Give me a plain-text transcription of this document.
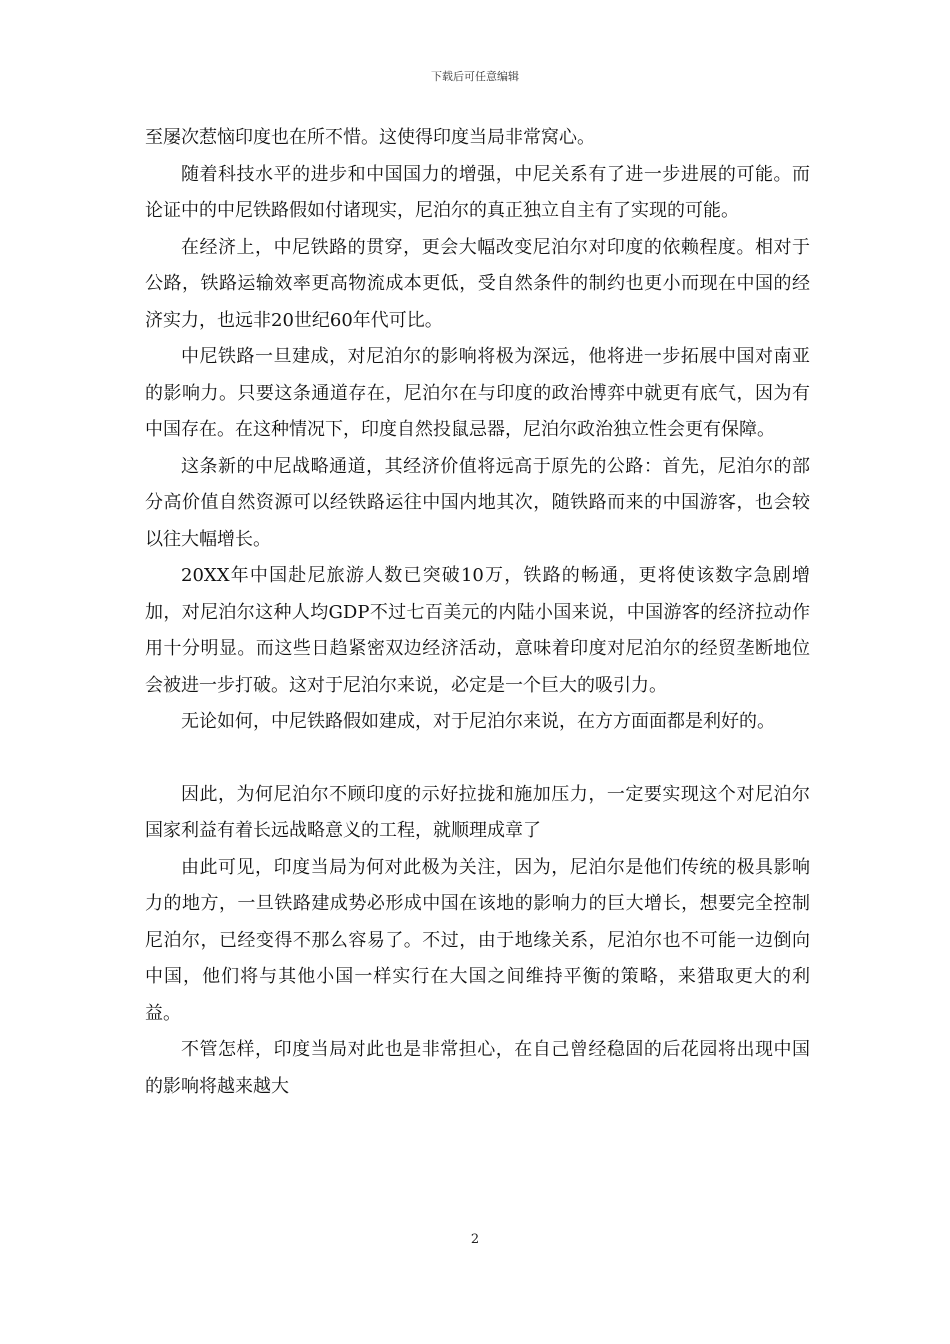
下载后可任意编辑

至屡次惹恼印度也在所不惜。这使得印度当局非常窝心。

随着科技水平的进步和中国国力的增强，中尼关系有了进一步进展的可能。而论证中的中尼铁路假如付诸现实，尼泊尔的真正独立自主有了实现的可能。

在经济上，中尼铁路的贯穿，更会大幅改变尼泊尔对印度的依赖程度。相对于公路，铁路运输效率更高物流成本更低，受自然条件的制约也更小而现在中国的经济实力，也远非20世纪60年代可比。

中尼铁路一旦建成，对尼泊尔的影响将极为深远，他将进一步拓展中国对南亚的影响力。只要这条通道存在，尼泊尔在与印度的政治博弈中就更有底气，因为有中国存在。在这种情况下，印度自然投鼠忌器，尼泊尔政治独立性会更有保障。

这条新的中尼战略通道，其经济价值将远高于原先的公路：首先，尼泊尔的部分高价值自然资源可以经铁路运往中国内地其次，随铁路而来的中国游客，也会较以往大幅增长。

20XX年中国赴尼旅游人数已突破10万，铁路的畅通，更将使该数字急剧增加，对尼泊尔这种人均GDP不过七百美元的内陆小国来说，中国游客的经济拉动作用十分明显。而这些日趋紧密双边经济活动，意味着印度对尼泊尔的经贸垄断地位会被进一步打破。这对于尼泊尔来说，必定是一个巨大的吸引力。

无论如何，中尼铁路假如建成，对于尼泊尔来说，在方方面面都是利好的。

因此，为何尼泊尔不顾印度的示好拉拢和施加压力，一定要实现这个对尼泊尔国家利益有着长远战略意义的工程，就顺理成章了

由此可见，印度当局为何对此极为关注，因为，尼泊尔是他们传统的极具影响力的地方，一旦铁路建成势必形成中国在该地的影响力的巨大增长，想要完全控制尼泊尔，已经变得不那么容易了。不过，由于地缘关系，尼泊尔也不可能一边倒向中国，他们将与其他小国一样实行在大国之间维持平衡的策略，来猎取更大的利益。

不管怎样，印度当局对此也是非常担心，在自己曾经稳固的后花园将出现中国的影响将越来越大

2
